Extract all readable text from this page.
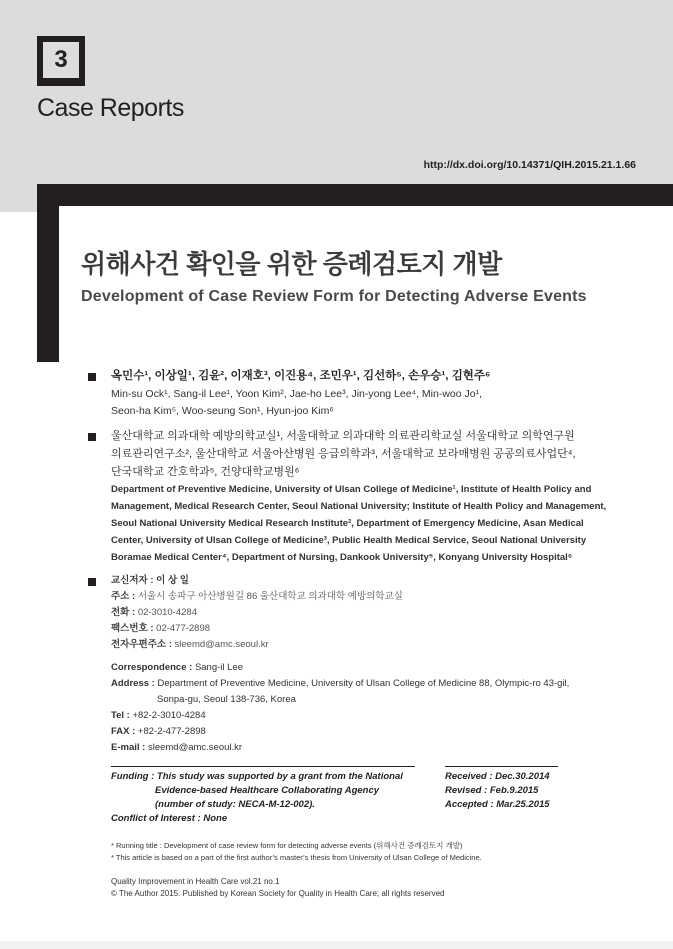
3
Case Reports
http://dx.doi.org/10.14371/QIH.2015.21.1.66
위해사건 확인을 위한 증례검토지 개발
Development of Case Review Form for Detecting Adverse Events
옥민수¹, 이상일¹, 김윤², 이재호³, 이진용⁴, 조민우¹, 김선하⁵, 손우승¹, 김현주⁶
Min-su Ock¹, Sang-il Lee¹, Yoon Kim², Jae-ho Lee³, Jin-yong Lee⁴, Min-woo Jo¹,
Seon-ha Kim⁵, Woo-seung Son¹, Hyun-joo Kim⁶
울산대학교 의과대학 예방의학교실¹, 서울대학교 의과대학 의료관리학교실 서울대학교 의학연구원
의료관리연구소², 울산대학교 서울아산병원 응급의학과³, 서울대학교 보라매병원 공공의료사업단⁴,
단국대학교 간호학과⁵, 건양대학교병원⁶
Department of Preventive Medicine, University of Ulsan College of Medicine¹, Institute of Health Policy and
Management, Medical Research Center, Seoul National University; Institute of Health Policy and Management,
Seoul National University Medical Research Institute², Department of Emergency Medicine, Asan Medical
Center, University of Ulsan College of Medicine³, Public Health Medical Service, Seoul National University
Boramae Medical Center⁴, Department of Nursing, Dankook University⁵, Konyang University Hospital⁶
교신저자 : 이 상 일
주소 : 서울시 송파구 아산병원길 86 울산대학교 의과대학 예방의학교실
전화 : 02-3010-4284
팩스번호 : 02-477-2898
전자우편주소 : sleemd@amc.seoul.kr
Correspondence : Sang-il Lee
Address : Department of Preventive Medicine, University of Ulsan College of Medicine 88, Olympic-ro 43-gil,
Sonpa-gu, Seoul 138-736, Korea
Tel : +82-2-3010-4284
FAX : +82-2-477-2898
E-mail : sleemd@amc.seoul.kr
Funding : This study was supported by a grant from the National
Evidence-based Healthcare Collaborating Agency
(number of study: NECA-M-12-002).
Conflict of Interest : None
Received : Dec.30.2014
Revised : Feb.9.2015
Accepted : Mar.25.2015
* Running title : Development of case review form for detecting adverse events (위해사건 증례검토지 개발)
* This article is based on a part of the first author’s master’s thesis from University of Ulsan College of Medicine.
Quality Improvement in Health Care vol.21 no.1
© The Author 2015. Published by Korean Society for Quality in Health Care; all rights reserved
